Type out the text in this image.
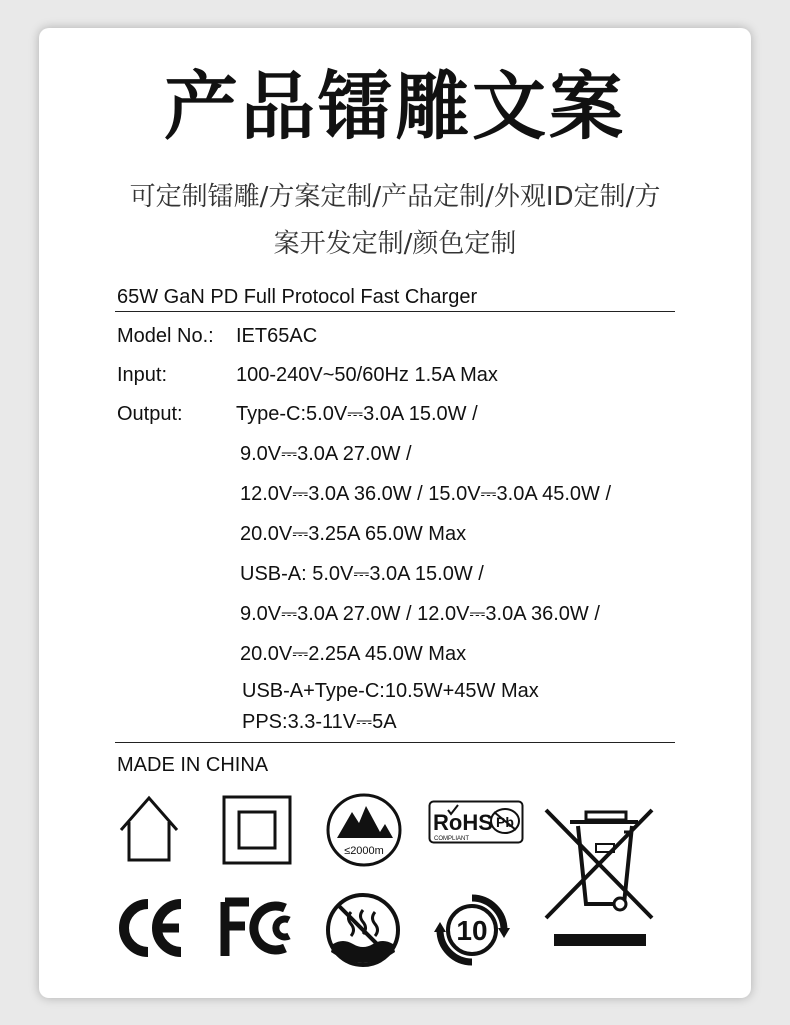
产品镭雕文案
可定制镭雕/方案定制/产品定制/外观ID定制/方
案开发定制/颜色定制
65W GaN PD Full Protocol Fast Charger
Model No.: IET65AC
Input:	100-240V~50/60Hz 1.5A Max
Output:	Type-C:5.0V⎓3.0A 15.0W /
9.0V⎓3.0A 27.0W /
12.0V⎓3.0A 36.0W / 15.0V⎓3.0A 45.0W /
20.0V⎓3.25A 65.0W Max
USB-A: 5.0V⎓3.0A 15.0W /
9.0V⎓3.0A 27.0W / 12.0V⎓3.0A 36.0W /
20.0V⎓2.25A 45.0W Max
USB-A+Type-C:10.5W+45W Max
PPS:3.3-11V⎓5A
MADE IN CHINA
≤2000m
RoHS Pb
COMPLIANT
CE	FC
10
